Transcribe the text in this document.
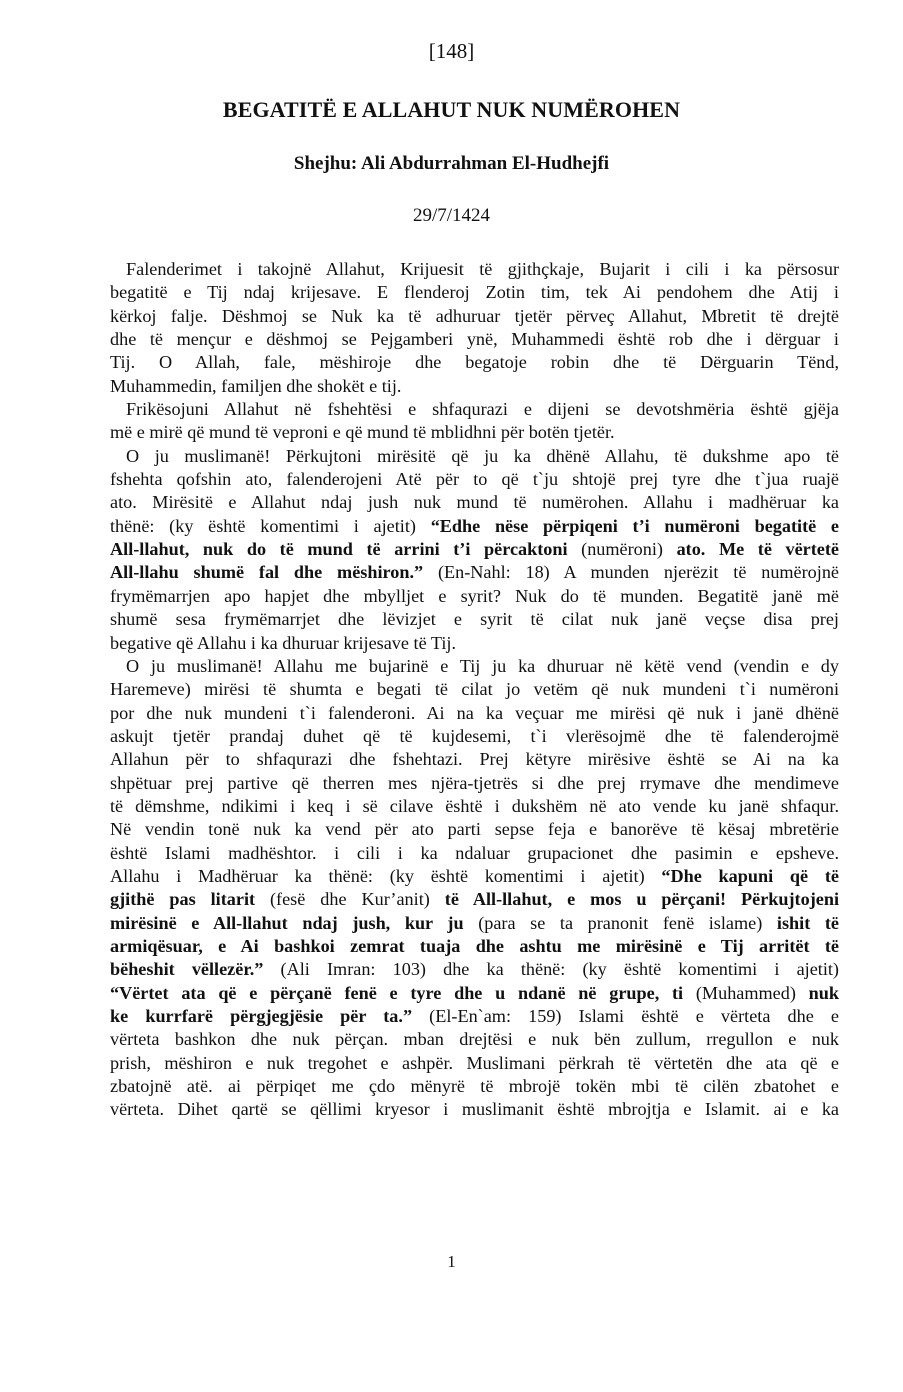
[148]
BEGATITË E ALLAHUT NUK NUMËROHEN
Shejhu: Ali Abdurrahman El-Hudhejfi
29/7/1424
Falenderimet i takojnë Allahut, Krijuesit të gjithçkaje, Bujarit i cili i ka përsosur
begatitë e Tij ndaj krijesave. E flenderoj Zotin tim, tek Ai pendohem dhe Atij i
kërkoj falje. Dëshmoj se Nuk ka të adhuruar tjetër përveç Allahut, Mbretit të drejtë
dhe të mençur e dëshmoj se Pejgamberi ynë, Muhammedi është rob dhe i dërguar i
Tij. O Allah, fale, mëshiroje dhe begatoje robin dhe të Dërguarin Tënd,
Muhammedin, familjen dhe shokët e tij.
Frikësojuni Allahut në fshehtësi e shfaqurazi e dijeni se devotshmëria është gjëja
më e mirë që mund të veproni e që mund të mblidhni për botën tjetër.
O ju muslimanë! Përkujtoni mirësitë që ju ka dhënë Allahu, të dukshme apo të
fshehta qofshin ato, falenderojeni Atë për to që t`ju shtojë prej tyre dhe t`jua ruajë
ato. Mirësitë e Allahut ndaj jush nuk mund të numërohen. Allahu i madhëruar ka
thënë: (ky është komentimi i ajetit) “Edhe nëse përpiqeni t’i numëroni begatitë e
All-llahut, nuk do të mund të arrini t’i përcaktoni (numëroni) ato. Me të vërtetë
All-llahu shumë fal dhe mëshiron.” (En-Nahl: 18) A munden njerëzit të numërojnë
frymëmarrjen apo hapjet dhe mbylljet e syrit? Nuk do të munden. Begatitë janë më
shumë sesa frymëmarrjet dhe lëvizjet e syrit të cilat nuk janë veçse disa prej
begative që Allahu i ka dhuruar krijesave të Tij.
O ju muslimanë! Allahu me bujarinë e Tij ju ka dhuruar në këtë vend (vendin e dy
Haremeve) mirësi të shumta e begati të cilat jo vetëm që nuk mundeni t`i numëroni
por dhe nuk mundeni t`i falenderoni. Ai na ka veçuar me mirësi që nuk i janë dhënë
askujt tjetër prandaj duhet që të kujdesemi, t`i vlerësojmë dhe të falenderojmë
Allahun për to shfaqurazi dhe fshehtazi. Prej këtyre mirësive është se Ai na ka
shpëtuar prej partive që therren mes njëra-tjetrës si dhe prej rrymave dhe mendimeve
të dëmshme, ndikimi i keq i së cilave është i dukshëm në ato vende ku janë shfaqur.
Në vendin tonë nuk ka vend për ato parti sepse feja e banorëve të kësaj mbretërie
është Islami madhështor. i cili i ka ndaluar grupacionet dhe pasimin e epsheve.
Allahu i Madhëruar ka thënë: (ky është komentimi i ajetit) “Dhe kapuni që të
gjithë pas litarit (fesë dhe Kur’anit) të All-llahut, e mos u përçani! Përkujtojeni
mirësinë e All-llahut ndaj jush, kur ju (para se ta pranonit fenë islame) ishit të
armiqësuar, e Ai bashkoi zemrat tuaja dhe ashtu me mirësinë e Tij arritët të
bëheshit vëllezër.” (Ali Imran: 103) dhe ka thënë: (ky është komentimi i ajetit)
“Vërtet ata që e përçanë fenë e tyre dhe u ndanë në grupe, ti (Muhammed) nuk
ke kurrfarë përgjegjësie për ta.” (El-En`am: 159) Islami është e vërteta dhe e
vërteta bashkon dhe nuk përçan. mban drejtësi e nuk bën zullum, rregullon e nuk
prish, mëshiron e nuk tregohet e ashpër. Muslimani përkrah të vërtetën dhe ata që e
zbatojnë atë. ai përpiqet me çdo mënyrë të mbrojë tokën mbi të cilën zbatohet e
vërteta. Dihet qartë se qëllimi kryesor i muslimanit është mbrojtja e Islamit. ai e ka
1
